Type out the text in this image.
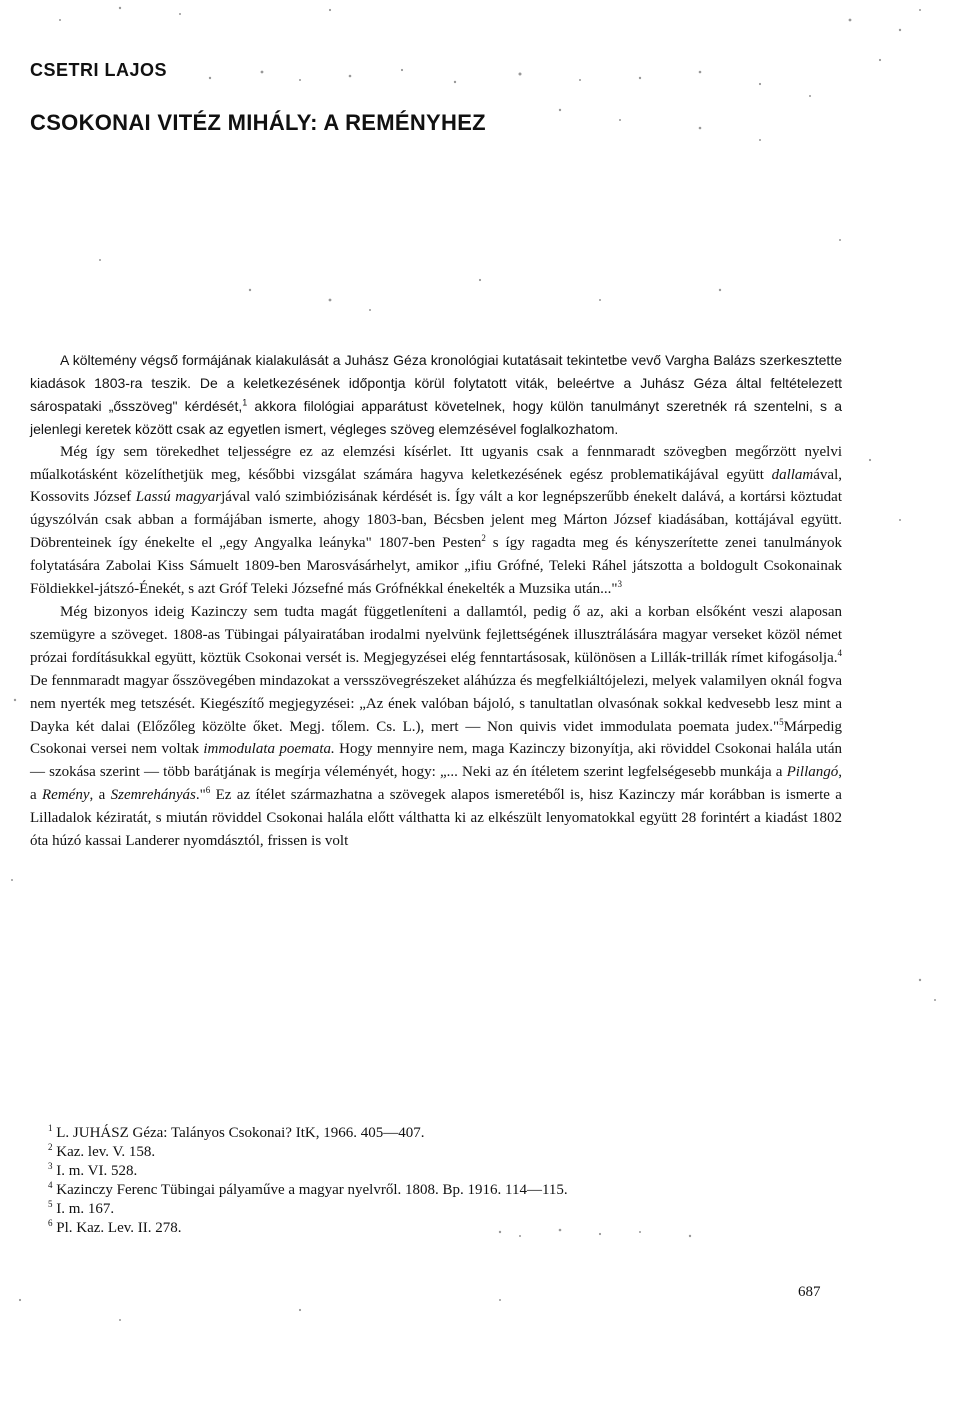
CSETRI LAJOS
CSOKONAI VITÉZ MIHÁLY: A REMÉNYHEZ

A költemény végső formájának kialakulását a Juhász Géza kronológiai kutatásait tekintetbe vevő Vargha Balázs szerkesztette kiadások 1803-ra teszik. De a keletkezésének időpontja körül folytatott viták, beleértve a Juhász Géza által feltételezett sárospataki „ősszöveg" kérdését,$^1$ akkora filológiai apparátust követelnek, hogy külön tanulmányt szeretnék rá szentelni, s a jelenlegi keretek között csak az egyetlen ismert, végleges szöveg elemzésével foglalkozhatom.

Még így sem törekedhet teljességre ez az elemzési kísérlet. Itt ugyanis csak a fennmaradt szövegben megőrzött nyelvi műalkotásként közelíthetjük meg, későbbi vizsgálat számára hagyva keletkezésének egész problematikájával együtt dallamával, Kossovits József Lassú magyarjával való szimbiózisának kérdését is. Így vált a kor legnépszerűbb énekelt dalává, a kortársi köztudat úgyszólván csak abban a formájában ismerte, ahogy 1803-ban, Bécsben jelent meg Márton József kiadásában, kottájával együtt. Döbrenteinek így énekelte el „egy Angyalka leányka" 1807-ben Pesten$^2$ s így ragadta meg és kényszerítette zenei tanulmányok folytatására Zabolai Kiss Sámuelt 1809-ben Marosvásárhelyt, amikor „ifiu Grófné, Teleki Ráhel játszotta a boldogult Csokonainak Földiekkel-játszó-Énekét, s azt Gróf Teleki Józsefné más Grófnékkal énekelték a Muzsika után..."$^3$

Még bizonyos ideig Kazinczy sem tudta magát függetleníteni a dallamtól, pedig ő az, aki a korban elsőként veszi alaposan szemügyre a szöveget. 1808-as Tübingai pályairatában irodalmi nyelvünk fejlettségének illusztrálására magyar verseket közöl német prózai fordításukkal együtt, köztük Csokonai versét is. Megjegyzései elég fenntartásosak, különösen a Lillák-trillák rímet kifogásolja.$^4$ De fennmaradt magyar ősszövegében mindazokat a versszövegrészeket aláhúzza és megfelkiáltójelezi, melyek valamilyen oknál fogva nem nyerték meg tetszését. Kiegészítő megjegyzései: „Az ének valóban bájoló, s tanultatlan olvasónak sokkal kedvesebb lesz mint a Dayka két dalai (Előzőleg közölte őket. Megj. tőlem. Cs. L.), mert — Non quivis videt immodulata poemata judex."$^5$Márpedig Csokonai versei nem voltak immodulata poemata. Hogy mennyire nem, maga Kazinczy bizonyítja, aki röviddel Csokonai halála után — szokása szerint — több barátjának is megírja véleményét, hogy: „... Neki az én ítéletem szerint legfelségesebb munkája a Pillangó, a Remény, a Szemrehányás."$^6$ Ez az ítélet származhatna a szövegek alapos ismeretéből is, hisz Kazinczy már korábban is ismerte a Lilladalok kéziratát, s miután röviddel Csokonai halála előtt válthatta ki az elkészült lenyomatokkal együtt 28 forintért a kiadást 1802 óta húzó kassai Landerer nyomdásztól, frissen is volt

$^1$ L. JUHÁSZ Géza: Talányos Csokonai? ItK, 1966. 405—407.
$^2$ Kaz. lev. V. 158.
$^3$ I. m. VI. 528.
$^4$ Kazinczy Ferenc Tübingai pályaműve a magyar nyelvről. 1808. Bp. 1916. 114—115.
$^5$ I. m. 167.
$^6$ Pl. Kaz. Lev. II. 278.
687
